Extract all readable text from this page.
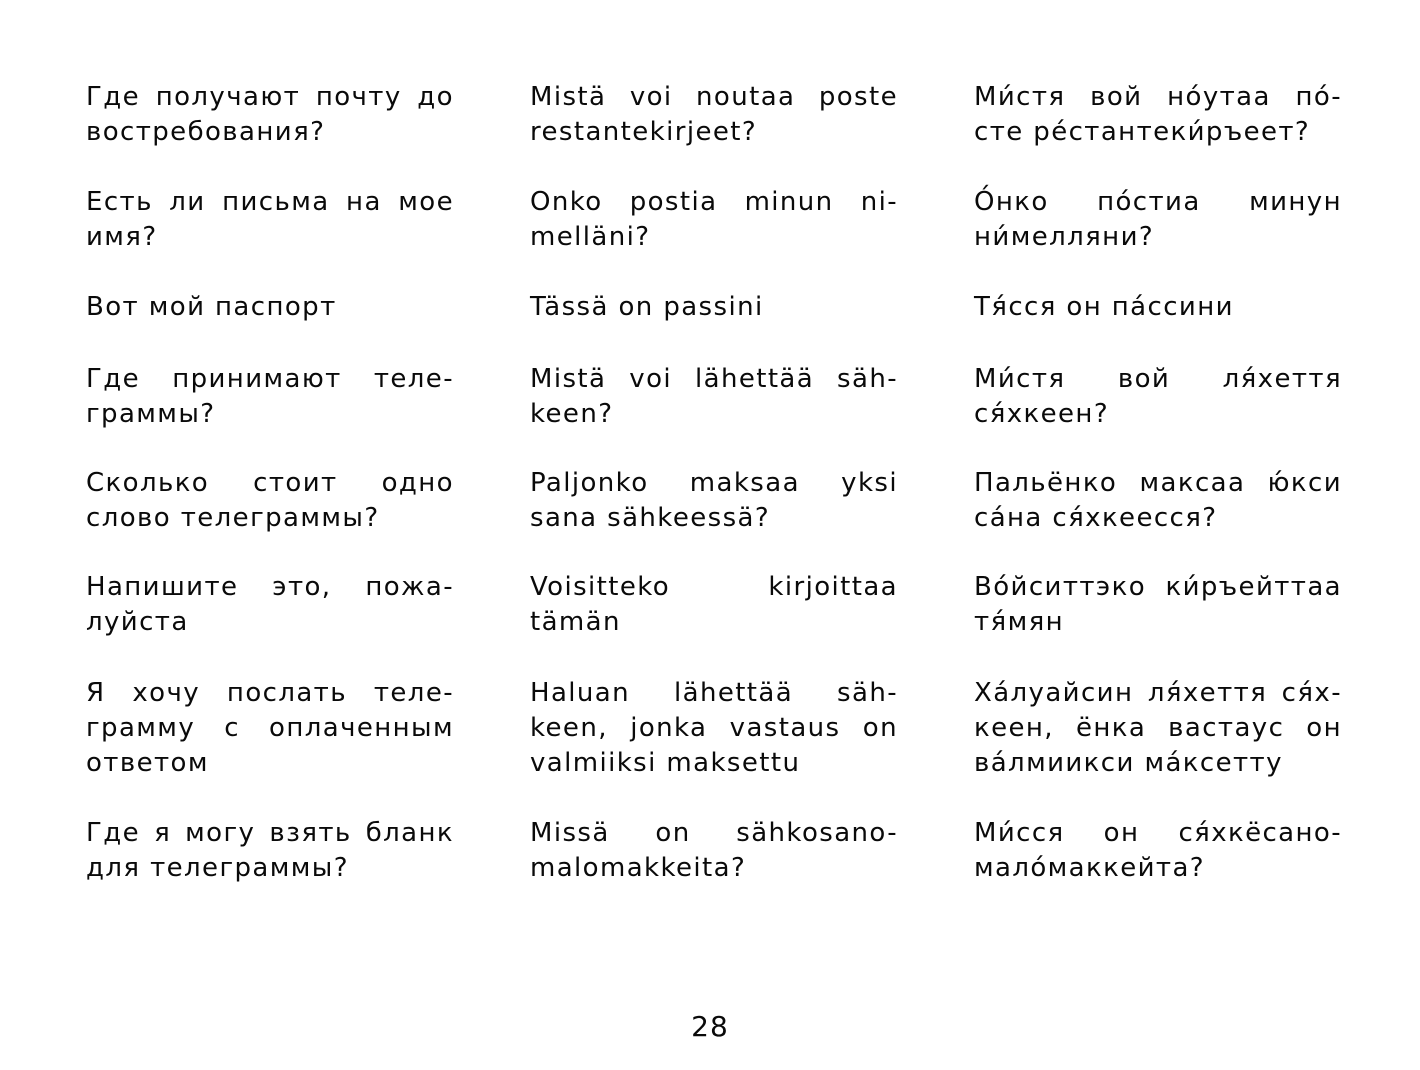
Где получают почту до
востребования?
Mistä voi noutaa poste
restantekirjeet?
Ми́стя вой но́утаа по́-
сте ре́стантеки́ръеет?
Есть ли письма на мое
имя?
Onko postia minun ni-
melläni?
О́нко по́стиа минун
ни́мелляни?
Вот мой паспорт	Tässä on passini	Тя́сся он па́ссини
Где принимают теле-
граммы?
Mistä voi lähettää säh-
keen?
Ми́стя вой ля́хеття
ся́хкеен?
Сколько стоит одно
слово телеграммы?
Paljonko maksaa yksi
sana sähkeessä?
Пальёнко максаа ю́кси
са́на ся́хкеесся?
Напишите это, пожа-
луйста
Voisitteko kirjoittaa
tämän
Во́йситтэко ки́ръейттаа
тя́мян
Я хочу послать теле-
грамму с оплаченным
ответом
Haluan lähettää säh-
keen, jonka vastaus on
valmiiksi maksettu
Ха́луайсин ля́хеття ся́х-
кеен, ёнка вастаус он
ва́лмиикси ма́ксетту
Где я могу взять бланк
для телеграммы?
Missä on sähkosano-
malomakkeita?
Ми́сся он ся́хкёсано-
мало́маккейта?
28
